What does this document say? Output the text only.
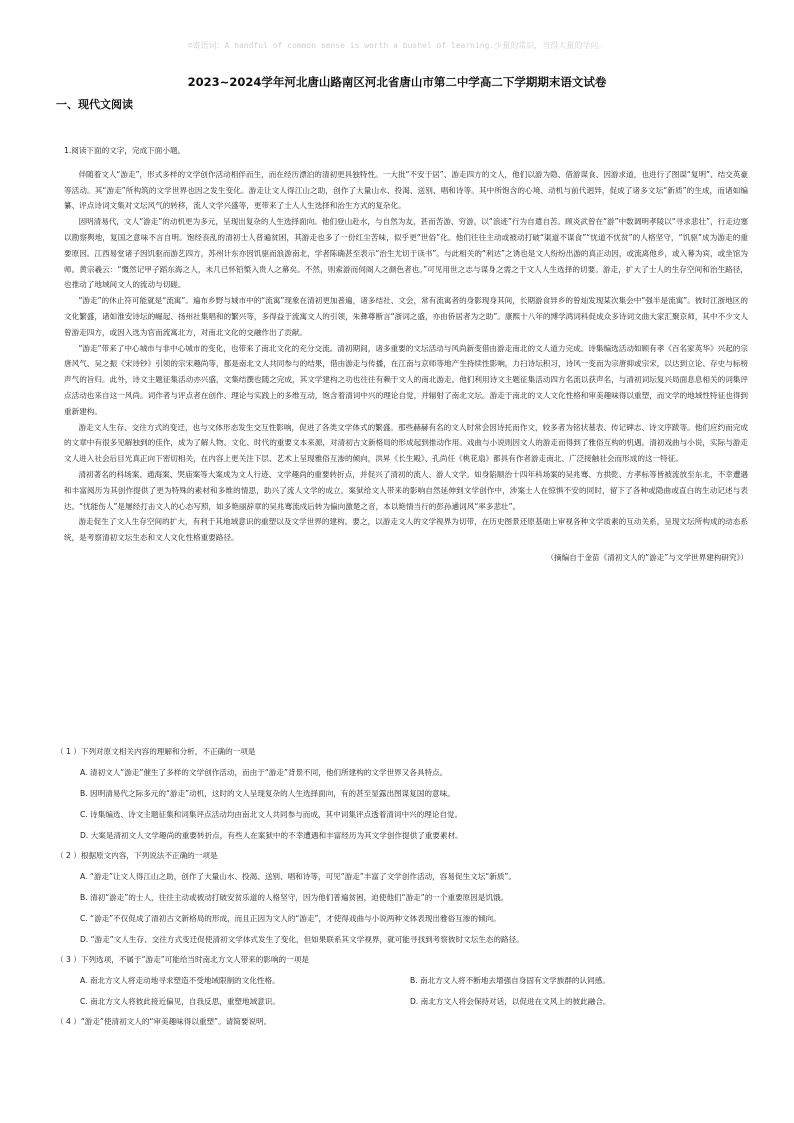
☺寄语词：A handful of common sense is worth a bushel of learning.少量的常识，当得大量的学问。
2023~2024学年河北唐山路南区河北省唐山市第二中学高二下学期期末语文试卷
一、现代文阅读

1.阅读下面的文字，完成下面小题。

伴随着文人“游走”，形式多样的文学创作活动相伴而生，而在经历漂泊的清初更具独特性。一大批“不安于居”、游走四方的文人，他们以游为隐、借游谋食、因游求道，也进行了图谋“复明”、结交英豪等活动。其“游走”所构筑的文学世界也因之发生变化。游走让文人得江山之助，创作了大量山水、投渴、送别、唱和诗等。其中所饱含的心境、动机与前代迥异，促成了诸多文坛“新质”的生成，而诸如编纂、评点诗词文集对文坛风气的转移，流人文学兴盛等，更带来了士人人生选择和治生方式的复杂化。

因明清易代，文人“游走”的动机更为多元，呈现出复杂的人生选择面向。他们登山赴水，与自然为友，甚而苦游、穷游，以“浪迹”行为自遣自苦。顾炎武曾在“游”中数调明孝陵以“寻求悲壮”，行走边塞以勘察舆地，复国之意味不言自明。饱经丧乱的清初士人普遍贫困，其游走也多了一份红尘苦味，似乎更“世俗”化。他们往往主动或被动打破“渠道不谋食”“忧道不忧贫”的人格坚守，“饥驱”成为游走的重要原因。江西易堂诸子因饥驱而游艺四方，苏州计东亦因饥驱而浪游南北，学者陈确甚至表示“治生尤切于读书”。与此相关的“利达”之诱也是文人纷纷出游的真正动因，或流离他乡，或入幕为宾，或坐馆为师。黄宗羲云：“慨然记甲子蹈东海之人，未几已怀铅椠入贵人之幕矣。不然，则索游而伺阁人之颜色者也。”可见用世之志与谋身之需之于文人人生选择的切要。游走，扩大了士人的生存空间和治生路径，也推动了地域间文人的流动与切磋。

“游走”的休止符可能就是“流寓”。遍布乡野与城市中的“流寓”现象在清初更加普遍，诸多结社、文会，常有流寓者的身影现身其间，长期游食异乡的曾灿发现某次集会中“强半是流寓”。彼时江浙地区的文化繁盛，诸如淮安诗坛的崛起、扬州社集唱和的繁兴等，多得益于流寓文人的引领，朱彝尊断言“浙词之盛，亦由侨居者为之助”。康熙十八年的博学鸿词科促成众多诗词文曲大家汇聚京师，其中不少文人曾游走四方，或因入选为官而流寓北方，对南北文化的交融作出了贡献。

“游走”带来了中心城市与非中心城市的变化，也带来了南北文化的充分交流。清初期间，诸多重要的文坛活动与风尚新变借由游走南北的文人道力完成。诗集编选活动如顾有孝《百名家英华》兴起的宗唐风气、吴之振《宋诗钞》引领的宗宋趣尚等，都是南北文人共同参与的结果，借由游走与传播，在江南与京师等地产生持续性影响，力扫诗坛积习，诗风一变而为宗唐抑或宗宋，以达到立论、存史与标榜声气的旨归。此外，诗文主题征集活动亦兴盛，文集结撰也随之完成，其文学建构之功也往往有赖于文人的南北游走。他们利用诗文主题征集活动四方名流以获声名，与清初词坛复兴局面息息相关的词集评点活动也来自这一风尚。词作者与评点者在创作、理论与实践上的多维互动，饱含着清词中兴的理论自觉，并辐射了南北文坛。游走于南北的文人文化性格和审美趣味得以重塑，而文学的地域性特征也得到重新建构。

游走文人生存、交往方式的变迁，也与文体形态发生交互性影响，促进了各类文学体式的繁盛。那些赫赫有名的文人时常会因诗托而作文，较多者为铭状墓表、传记碑志、诗文序跋等。他们应约而完成的文章中有很多见解独到的佳作，成为了解人物、文化、时代的重要文本来源，对清初古文新格局的形成起到推动作用。戏曲与小说则因文人的游走而得到了雅俗互构的机遇。清初戏曲与小说，实际与游走文人进入社会后目光真正向下密切相关，在内容上更关注下层、艺术上呈现雅俗互渗的倾向，洪昇《长生殿》、孔尚任《桃花扇》都具有作者游走南北、广泛接触社会而形成的这一特征。

清初著名的科场案、通海案、哭庙案等大案成为文人行迹、文学趣尚的重要转折点，并促兴了清初的流人、游人文学。如身陷顺治十四年科场案的吴兆骞、方拱乾、方孝标等皆被流放至东北，不幸遭遇和丰富阅历为其创作提供了更为特殊的素材和多维的情思，助兴了流人文学的成立。案狱给文人带来的影响自然延伸到文学创作中，涉案士人在惊惧不安的同时，留下了各种或隐曲或直白的生动记述与表达。“忧能伤人”是屡经打击文人的心态写照，如多艳丽辞章的吴兆骞流戍后转为偏向激楚之音，本以艳情当行的彭孙遹词风“率多悲壮”。

游走促生了文人生存空间的扩大，有利于其地域意识的重塑以及文学世界的建构。要之，以游走文人的文学视界为切带，在历史图景还原基础上审视各种文学质素的互动关系，呈现文坛所构成的动态系统，是考察清初文坛生态和文人文化性格重要路径。

（摘编自于金苗《清初文人的“游走”与文学世界建构研究》）
（ 1 ）下列对原文相关内容的理解和分析，不正确的一项是
A. 清初文人“游走”催生了多样的文学创作活动，而由于“游走”背景不同，他们所建构的文学世界又各具特点。
B. 因明清易代之际多元的“游走”动机，这时的文人呈现复杂的人生选择面向，有的甚至显露出图谋复国的意味。
C. 诗集编选、诗文主题征集和词集评点活动均由南北文人共同参与而成，其中词集评点透着清词中兴的理论自觉。
D. 大案是清初文人文学趣尚的重要转折点，有些人在案狱中的不幸遭遇和丰富经历为其文学创作提供了重要素材。
（ 2 ）根据原文内容，下列说法不正确的一项是
A. “游走”让文人得江山之助，创作了大量山水、投渴、送别、唱和诗等，可见“游走”丰富了文学创作活动，容易促生文坛“新质”。
B. 清初“游走”的士人，往往主动或被动打破安贫乐道的人格坚守，因为他们普遍贫困，迫使他们“游走”的一个重要原因是饥饿。
C. “游走”不仅促成了清初古文新格局的形成，而且正因为文人的“游走”，才使得戏曲与小说两种文体表现出雅俗互渗的倾向。
D. “游走”文人生存、交往方式变迁促使清初文学体式发生了变化，但如果联系其文学视界，就可能寻找到考察彼时文坛生态的路径。
（ 3 ）下列选项，不属于“游走”可能给当时南北方文人带来的影响的一项是
A. 南北方文人将走动地寻求塑造不受地域限制的文化性格。	B. 南北方文人将不断地去增强自身固有文学族群的认同感。
C. 南北方文人将彼此接近偏见，自我反思，重塑地域意识。	D. 南北方文人将会保持对话，以促进在文风上的彼此融合。
（ 4 ）“游走”使清初文人的“审美趣味得以重塑”。请简要说明。
